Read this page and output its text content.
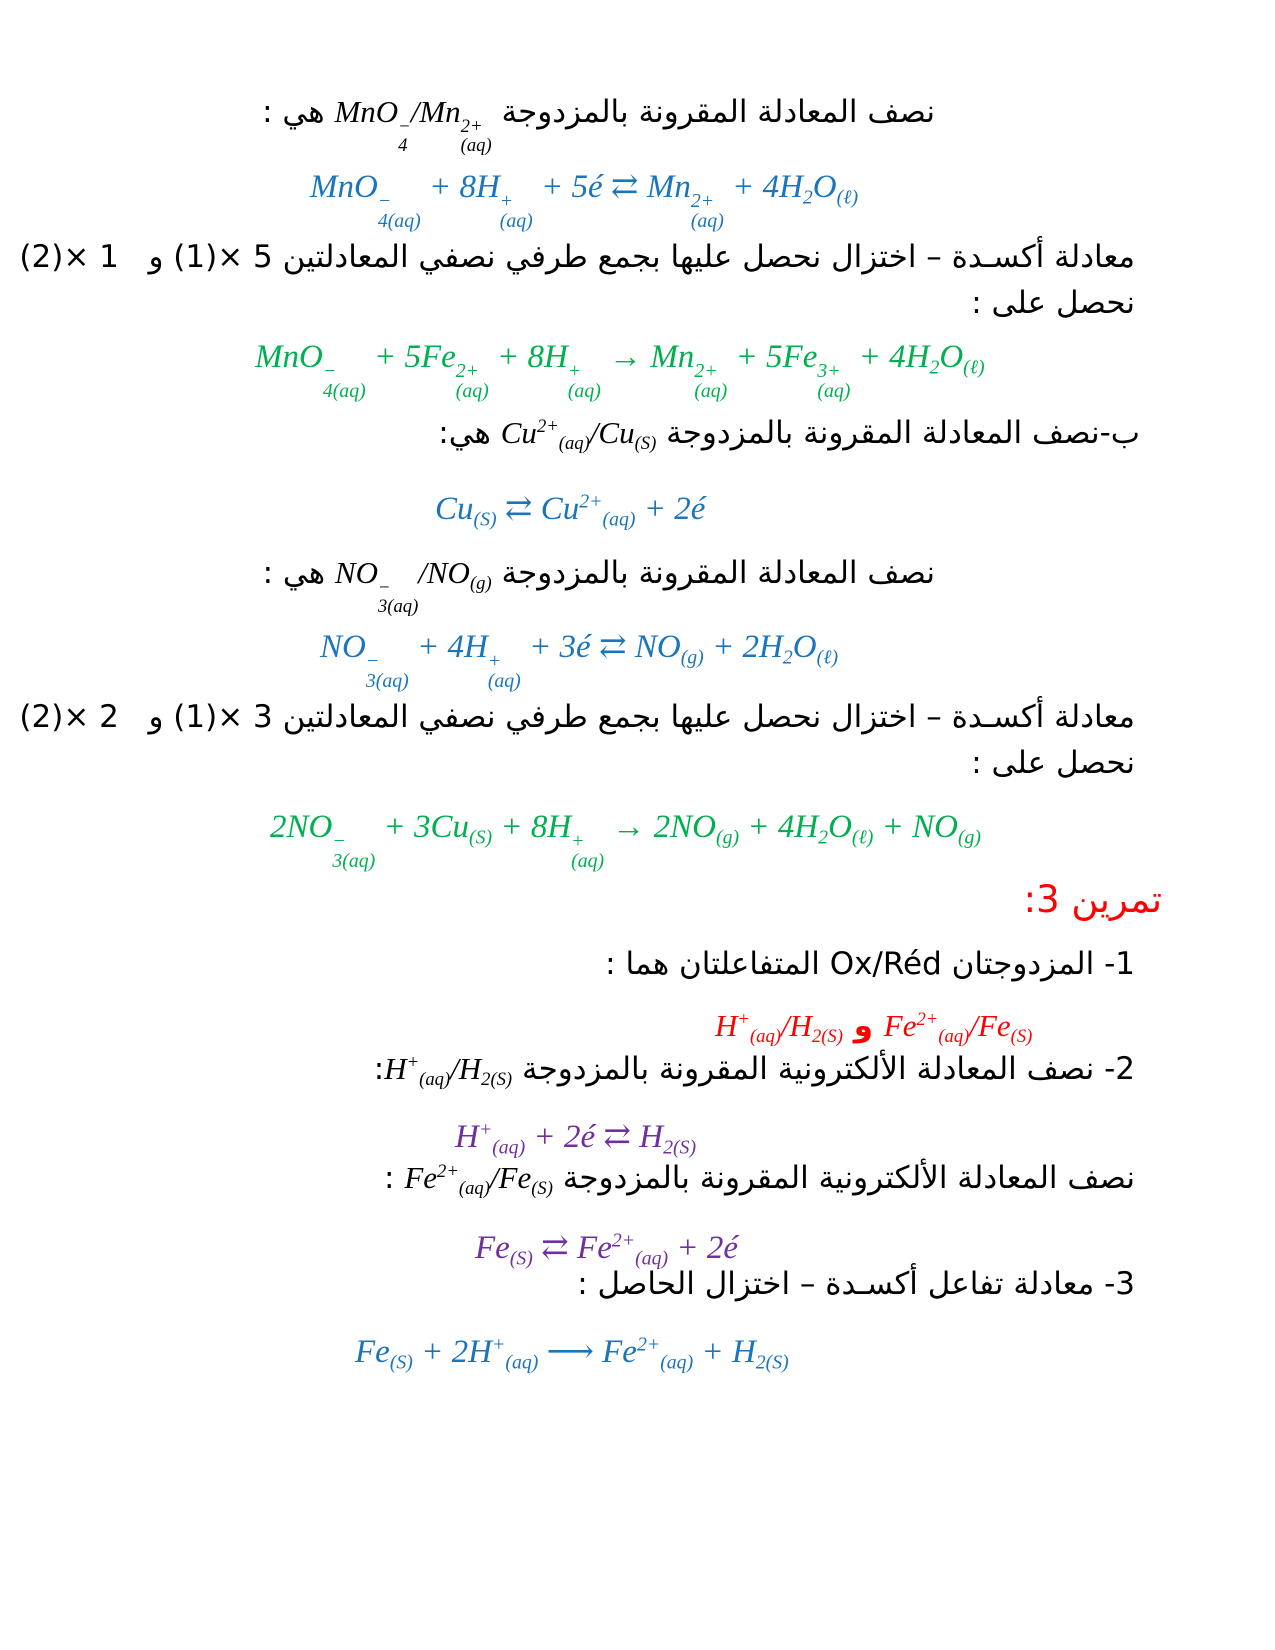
نصف المعادلة المقرونة بالمزدوجة MnO −
4
/Mn 2+
(aq)
هي :
MnO −
4(aq)
+ 8H +
(aq)
+ 5é ⇄ Mn 2+
(aq)
+ 4H2O(ℓ)
معادلة أكسـدة – اختزال نحصل عليها بجمع طرفي نصفي المعادلتين 5 ×(1) و   1 ×(2)
نحصل على :
MnO −
4(aq)
+ 5Fe 2+
(aq)
+ 8H +
(aq)
→ Mn 2+
(aq)
+ 5Fe 3+
(aq)
+ 4H2O(ℓ)
ب-نصف المعادلة المقرونة بالمزدوجة $Cu^{2+}(aq)/Cu(S)$ هي:
Cu(S) ⇄ $Cu^{2+}(aq)$ + 2é
نصف المعادلة المقرونة بالمزدوجة NO −
3(aq)
/NO(g) هي :
NO −
3(aq)
+ 4H +
(aq)
+ 3é ⇄ NO(g) + 2H2O(ℓ)
معادلة أكسـدة – اختزال نحصل عليها بجمع طرفي نصفي المعادلتين 3 ×(1) و   2 ×(2)
نحصل على :
2NO −
3(aq)
+ 3Cu(S) + 8H +
(aq)
→ 2NO(g) + 4H2O(ℓ) + NO(g)
تمرين 3:
1- المزدوجتان Ox/Réd المتفاعلتان هما :
H+(aq)/H2(S) و $Fe^{2+}(aq)/Fe(S)$
2- نصف المعادلة الألكترونية المقرونة بالمزدوجة H+(aq)/H2(S):
H+(aq) + 2é ⇄ H2(S)
نصف المعادلة الألكترونية المقرونة بالمزدوجة $Fe^{2+}(aq)/Fe(S)$ :
Fe(S) ⇄ $Fe^{2+}(aq)$ + 2é
3- معادلة تفاعل أكسـدة – اختزال الحاصل :
Fe(S) + 2H+(aq) ⟶ $Fe^{2+}(aq) + H2(S)$
